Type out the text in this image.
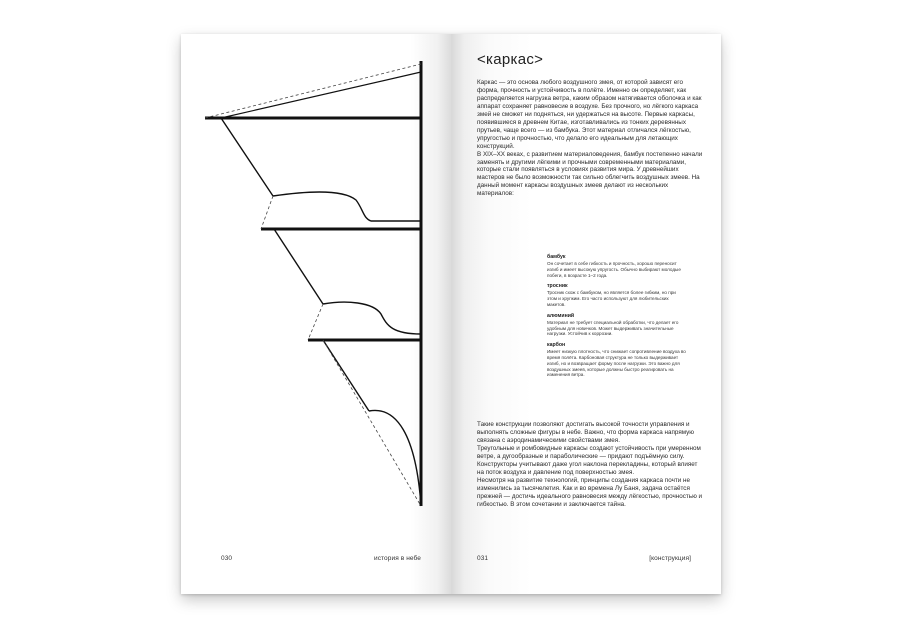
030	история в небе
<каркас>

Каркас — это основа любого воздушного змея, от которой зависят его форма, прочность и устойчивость в полёте. Именно он определяет, как распределяется нагрузка ветра, каким образом натягивается оболочка и как аппарат сохраняет равновесие в воздухе. Без прочного, но лёгкого каркаса змей не сможет ни подняться, ни удержаться на высоте. Первые каркасы, появившиеся в древнем Китае, изготавливались из тонких деревянных прутьев, чаще всего — из бамбука. Этот материал отличался лёгкостью, упругостью и прочностью, что делало его идеальным для летающих конструкций.

В XIX–XX веках, с развитием материаловедения, бамбук постепенно начали заменять и другими лёгкими и прочными современными материалами, которые стали появляться в условиях развития мира. У древнейших мастеров не было возможности так сильно облегчить воздушных змеев. На данный момент каркасы воздушных змеев делают из нескольких материалов:

бамбук
Он сочетает в себе гибкость и прочность, хорошо переносит изгиб и имеет высокую упругость. Обычно выбирают молодые побеги, в возрасте 1–2 года.
тросник
Тросник схож с бамбуком, но является более гибким, но при этом и хрупким. Его часто используют для любительских макетов.
алюминий
Материал не требует специальной обработки, что делает его удобным для новичков. Может выдерживать значительные нагрузки. Устойчив к коррозии.
карбон
Имеет низкую плотность, что снижает сопротивление воздуха во время полёта. Карбоновая структура не только выдерживает изгиб, но и возвращает форму после нагрузки. Это важно для воздушных змеев, которые должны быстро реагировать на изменения ветра.

Такие конструкции позволяют достигать высокой точности управления и выполнять сложные фигуры в небе. Важно, что форма каркаса напрямую связана с аэродинамическими свойствами змея.

Треугольные и ромбовидные каркасы создают устойчивость при умеренном ветре, а дугообразные и параболические — придают подъёмную силу. Конструкторы учитывают даже угол наклона перекладины, который влияет на поток воздуха и давление под поверхностью змея.

Несмотря на развитие технологий, принципы создания каркаса почти не изменились за тысячелетия. Как и во времена Лу Баня, задача остаётся прежней — достичь идеального равновесия между лёгкостью, прочностью и гибкостью. В этом сочетании и заключается тайна.

031	[конструкция]
